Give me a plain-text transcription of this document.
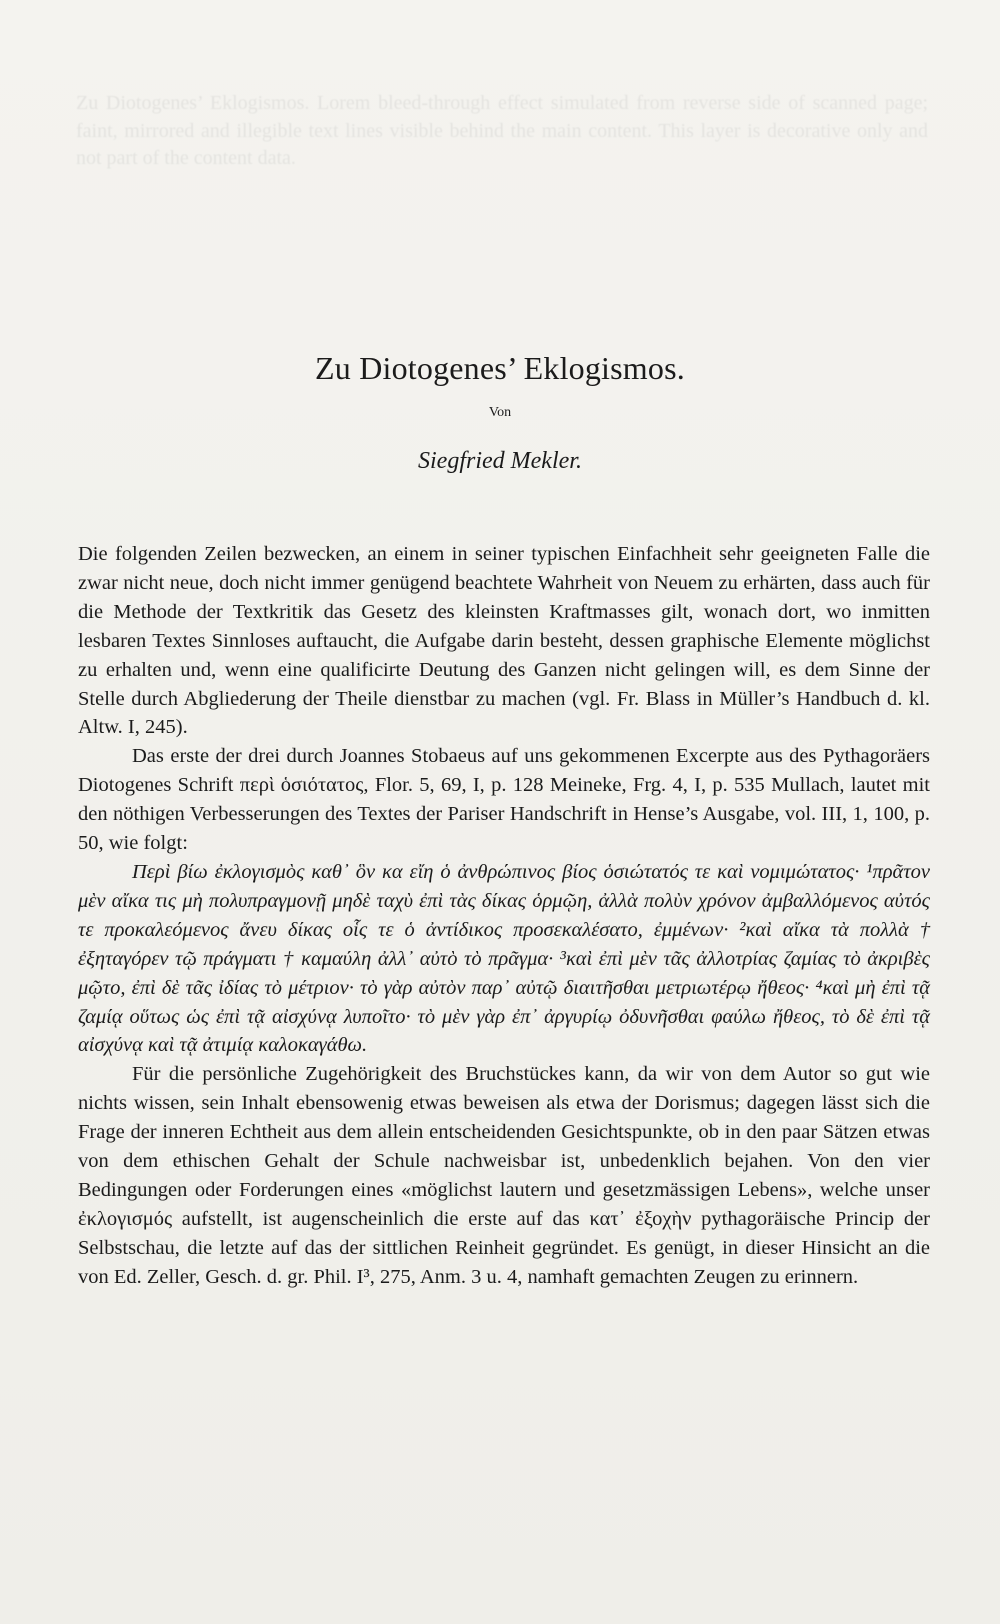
Zu Diotogenes’ Eklogismos. Lorem bleed-through effect simulated from reverse side of scanned page; faint, mirrored and illegible text lines visible behind the main content. This layer is decorative only and not part of the content data.
Zu Diotogenes’ Eklogismos.
Von
Siegfried Mekler.

Die folgenden Zeilen bezwecken, an einem in seiner typischen Einfachheit sehr geeigneten Falle die zwar nicht neue, doch nicht immer genügend beachtete Wahrheit von Neuem zu erhärten, dass auch für die Methode der Textkritik das Gesetz des kleinsten Kraftmasses gilt, wonach dort, wo inmitten lesbaren Textes Sinnloses auftaucht, die Aufgabe darin besteht, dessen graphische Elemente möglichst zu erhalten und, wenn eine qualificirte Deutung des Ganzen nicht gelingen will, es dem Sinne der Stelle durch Abgliederung der Theile dienstbar zu machen (vgl. Fr. Blass in Müller’s Handbuch d. kl. Altw. I, 245).

Das erste der drei durch Joannes Stobaeus auf uns gekommenen Excerpte aus des Pythagoräers Diotogenes Schrift περὶ ὁσιότατος, Flor. 5, 69, I, p. 128 Meineke, Frg. 4, I, p. 535 Mullach, lautet mit den nöthigen Verbesserungen des Textes der Pariser Handschrift in Hense’s Ausgabe, vol. III, 1, 100, p. 50, wie folgt:

Περὶ βίω ἐκλογισμὸς καθ᾽ ὃν κα εἴη ὁ ἀνθρώπινος βίος ὁσιώτατός τε καὶ νομιμώτατος· ¹πρᾶτον μὲν αἴκα τις μὴ πολυπραγμονῇ μηδὲ ταχὺ ἐπὶ τὰς δίκας ὁρμῷη, ἀλλὰ πολὺν χρόνον ἀμβαλλόμενος αὐτός τε προκαλεόμενος ἄνευ δίκας οἷς τε ὁ ἀντίδικος προσεκαλέσατο, ἐμμένων· ²καὶ αἴκα τὰ πολλὰ † ἐξηταγόρεν τῷ πράγματι † καμαύλη ἀλλ᾽ αὐτὸ τὸ πρᾶγμα· ³καὶ ἐπὶ μὲν τᾶς ἀλλοτρίας ζαμίας τὸ ἀκριβὲς μῷτο, ἐπὶ δὲ τᾶς ἰδίας τὸ μέτριον· τὸ γὰρ αὐτὸν παρ᾽ αὐτῷ διαιτῆσθαι μετριωτέρῳ ἤθεος· ⁴καὶ μὴ ἐπὶ τᾷ ζαμίᾳ οὕτως ὡς ἐπὶ τᾷ αἰσχύνᾳ λυποῖτο· τὸ μὲν γὰρ ἐπ᾽ ἀργυρίῳ ὀδυνῆσθαι φαύλω ἤθεος, τὸ δὲ ἐπὶ τᾷ αἰσχύνᾳ καὶ τᾷ ἀτιμίᾳ καλοκαγάθω.

Für die persönliche Zugehörigkeit des Bruchstückes kann, da wir von dem Autor so gut wie nichts wissen, sein Inhalt ebensowenig etwas beweisen als etwa der Dorismus; dagegen lässt sich die Frage der inneren Echtheit aus dem allein entscheidenden Gesichtspunkte, ob in den paar Sätzen etwas von dem ethischen Gehalt der Schule nachweisbar ist, unbedenklich bejahen. Von den vier Bedingungen oder Forderungen eines «möglichst lautern und gesetzmässigen Lebens», welche unser ἐκλογισμός aufstellt, ist augenscheinlich die erste auf das κατ᾽ ἐξοχὴν pythagoräische Princip der Selbstschau, die letzte auf das der sittlichen Reinheit gegründet. Es genügt, in dieser Hinsicht an die von Ed. Zeller, Gesch. d. gr. Phil. I³, 275, Anm. 3 u. 4, namhaft gemachten Zeugen zu erinnern.
